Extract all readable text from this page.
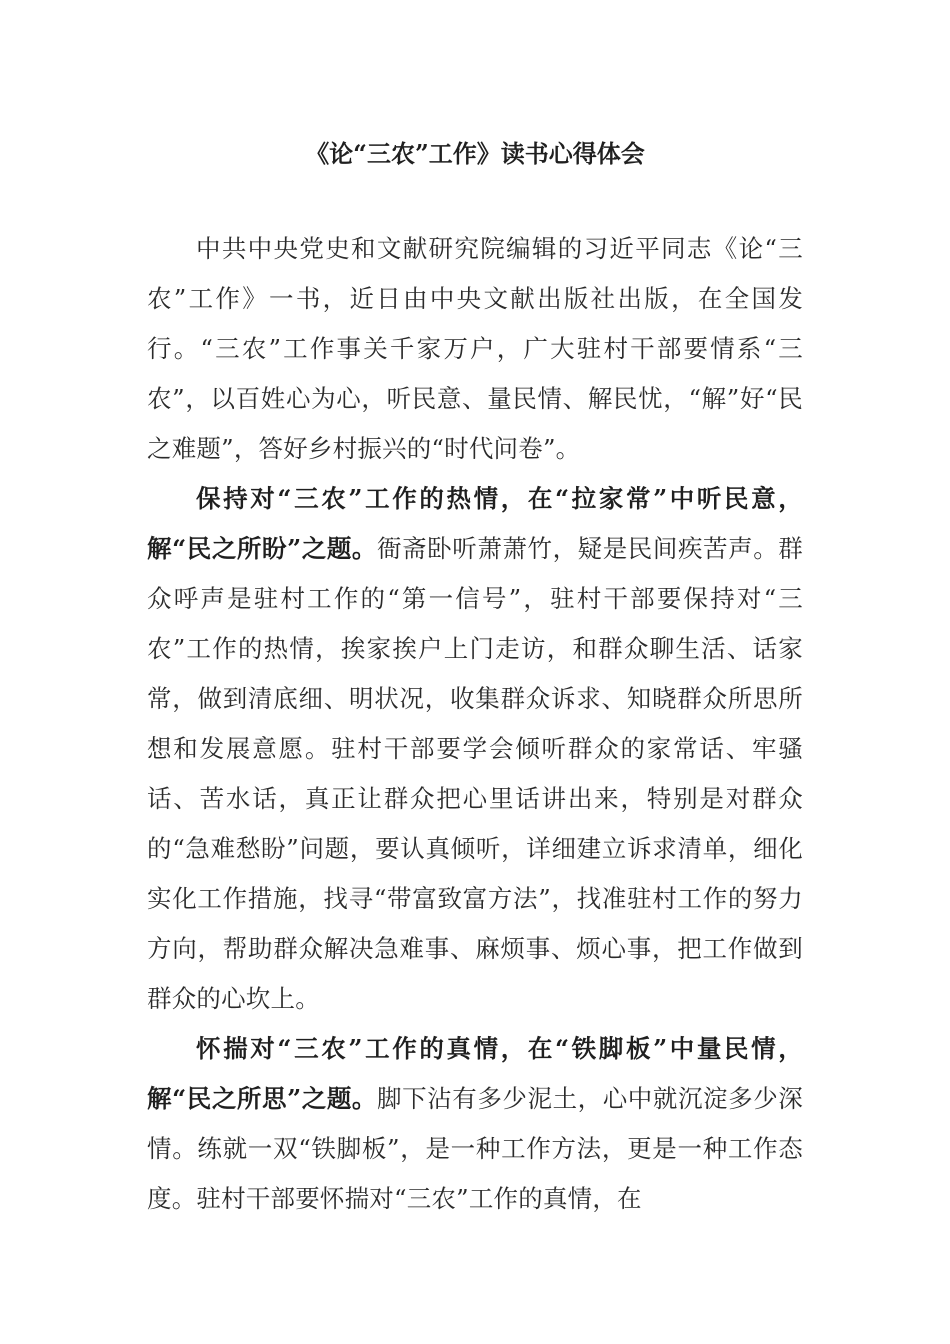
《论“三农”工作》读书心得体会

中共中央党史和文献研究院编辑的习近平同志《论“三农”工作》一书，近日由中央文献出版社出版，在全国发行。“三农”工作事关千家万户，广大驻村干部要情系“三农”，以百姓心为心，听民意、量民情、解民忧，“解”好“民之难题”，答好乡村振兴的“时代问卷”。

保持对“三农”工作的热情，在“拉家常”中听民意，解“民之所盼”之题。衙斋卧听萧萧竹，疑是民间疾苦声。群众呼声是驻村工作的“第一信号”，驻村干部要保持对“三农”工作的热情，挨家挨户上门走访，和群众聊生活、话家常，做到清底细、明状况，收集群众诉求、知晓群众所思所想和发展意愿。驻村干部要学会倾听群众的家常话、牢骚话、苦水话，真正让群众把心里话讲出来，特别是对群众的“急难愁盼”问题，要认真倾听，详细建立诉求清单，细化实化工作措施，找寻“带富致富方法”，找准驻村工作的努力方向，帮助群众解决急难事、麻烦事、烦心事，把工作做到群众的心坎上。

怀揣对“三农”工作的真情，在“铁脚板”中量民情，解“民之所思”之题。脚下沾有多少泥土，心中就沉淀多少深情。练就一双“铁脚板”，是一种工作方法，更是一种工作态度。驻村干部要怀揣对“三农”工作的真情，在
